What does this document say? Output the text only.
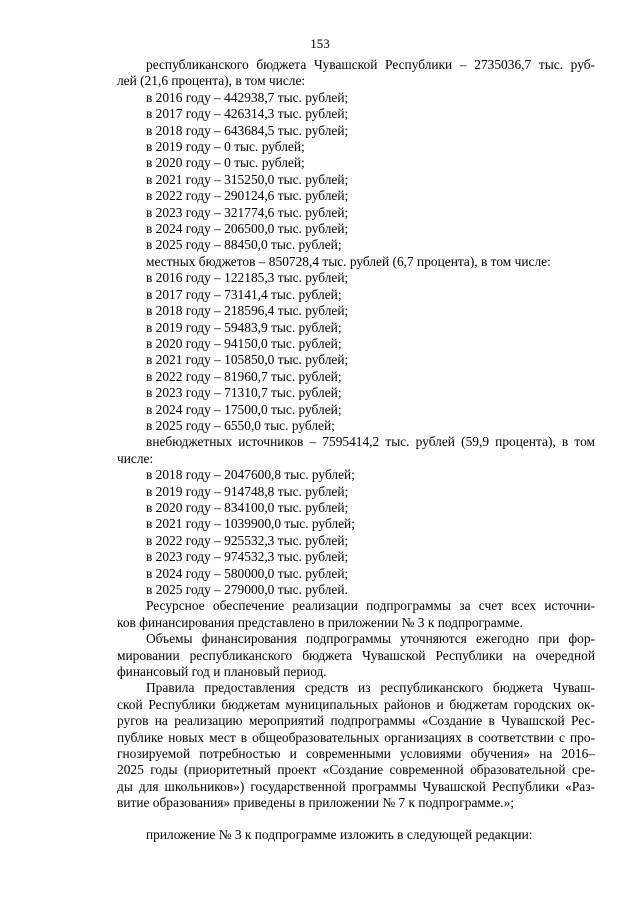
153
республиканского бюджета Чувашской Республики – 2735036,7 тыс. руб-
лей (21,6 процента), в том числе:
в 2016 году – 442938,7 тыс. рублей;
в 2017 году – 426314,3 тыс. рублей;
в 2018 году – 643684,5 тыс. рублей;
в 2019 году – 0 тыс. рублей;
в 2020 году – 0 тыс. рублей;
в 2021 году – 315250,0 тыс. рублей;
в 2022 году – 290124,6 тыс. рублей;
в 2023 году – 321774,6 тыс. рублей;
в 2024 году – 206500,0 тыс. рублей;
в 2025 году – 88450,0 тыс. рублей;
местных бюджетов – 850728,4 тыс. рублей (6,7 процента), в том числе:
в 2016 году – 122185,3 тыс. рублей;
в 2017 году – 73141,4 тыс. рублей;
в 2018 году – 218596,4 тыс. рублей;
в 2019 году – 59483,9 тыс. рублей;
в 2020 году – 94150,0 тыс. рублей;
в 2021 году – 105850,0 тыс. рублей;
в 2022 году – 81960,7 тыс. рублей;
в 2023 году – 71310,7 тыс. рублей;
в 2024 году – 17500,0 тыс. рублей;
в 2025 году – 6550,0 тыс. рублей;
внебюджетных источников – 7595414,2 тыс. рублей (59,9 процента), в том
числе:
в 2018 году – 2047600,8 тыс. рублей;
в 2019 году – 914748,8 тыс. рублей;
в 2020 году – 834100,0 тыс. рублей;
в 2021 году – 1039900,0 тыс. рублей;
в 2022 году – 925532,3 тыс. рублей;
в 2023 году – 974532,3 тыс. рублей;
в 2024 году – 580000,0 тыс. рублей;
в 2025 году – 279000,0 тыс. рублей.
Ресурсное обеспечение реализации подпрограммы за счет всех источни-
ков финансирования представлено в приложении № 3 к подпрограмме.
Объемы финансирования подпрограммы уточняются ежегодно при фор-
мировании республиканского бюджета Чувашской Республики на очередной
финансовый год и плановый период.
Правила предоставления средств из республиканского бюджета Чуваш-
ской Республики бюджетам муниципальных районов и бюджетам городских ок-
ругов на реализацию мероприятий подпрограммы «Создание в Чувашской Рес-
публике новых мест в общеобразовательных организациях в соответствии с про-
гнозируемой потребностью и современными условиями обучения» на 2016–
2025 годы (приоритетный проект «Создание современной образовательной сре-
ды для школьников») государственной программы Чувашской Республики «Раз-
витие образования» приведены в приложении № 7 к подпрограмме.»;
приложение № 3 к подпрограмме изложить в следующей редакции:
